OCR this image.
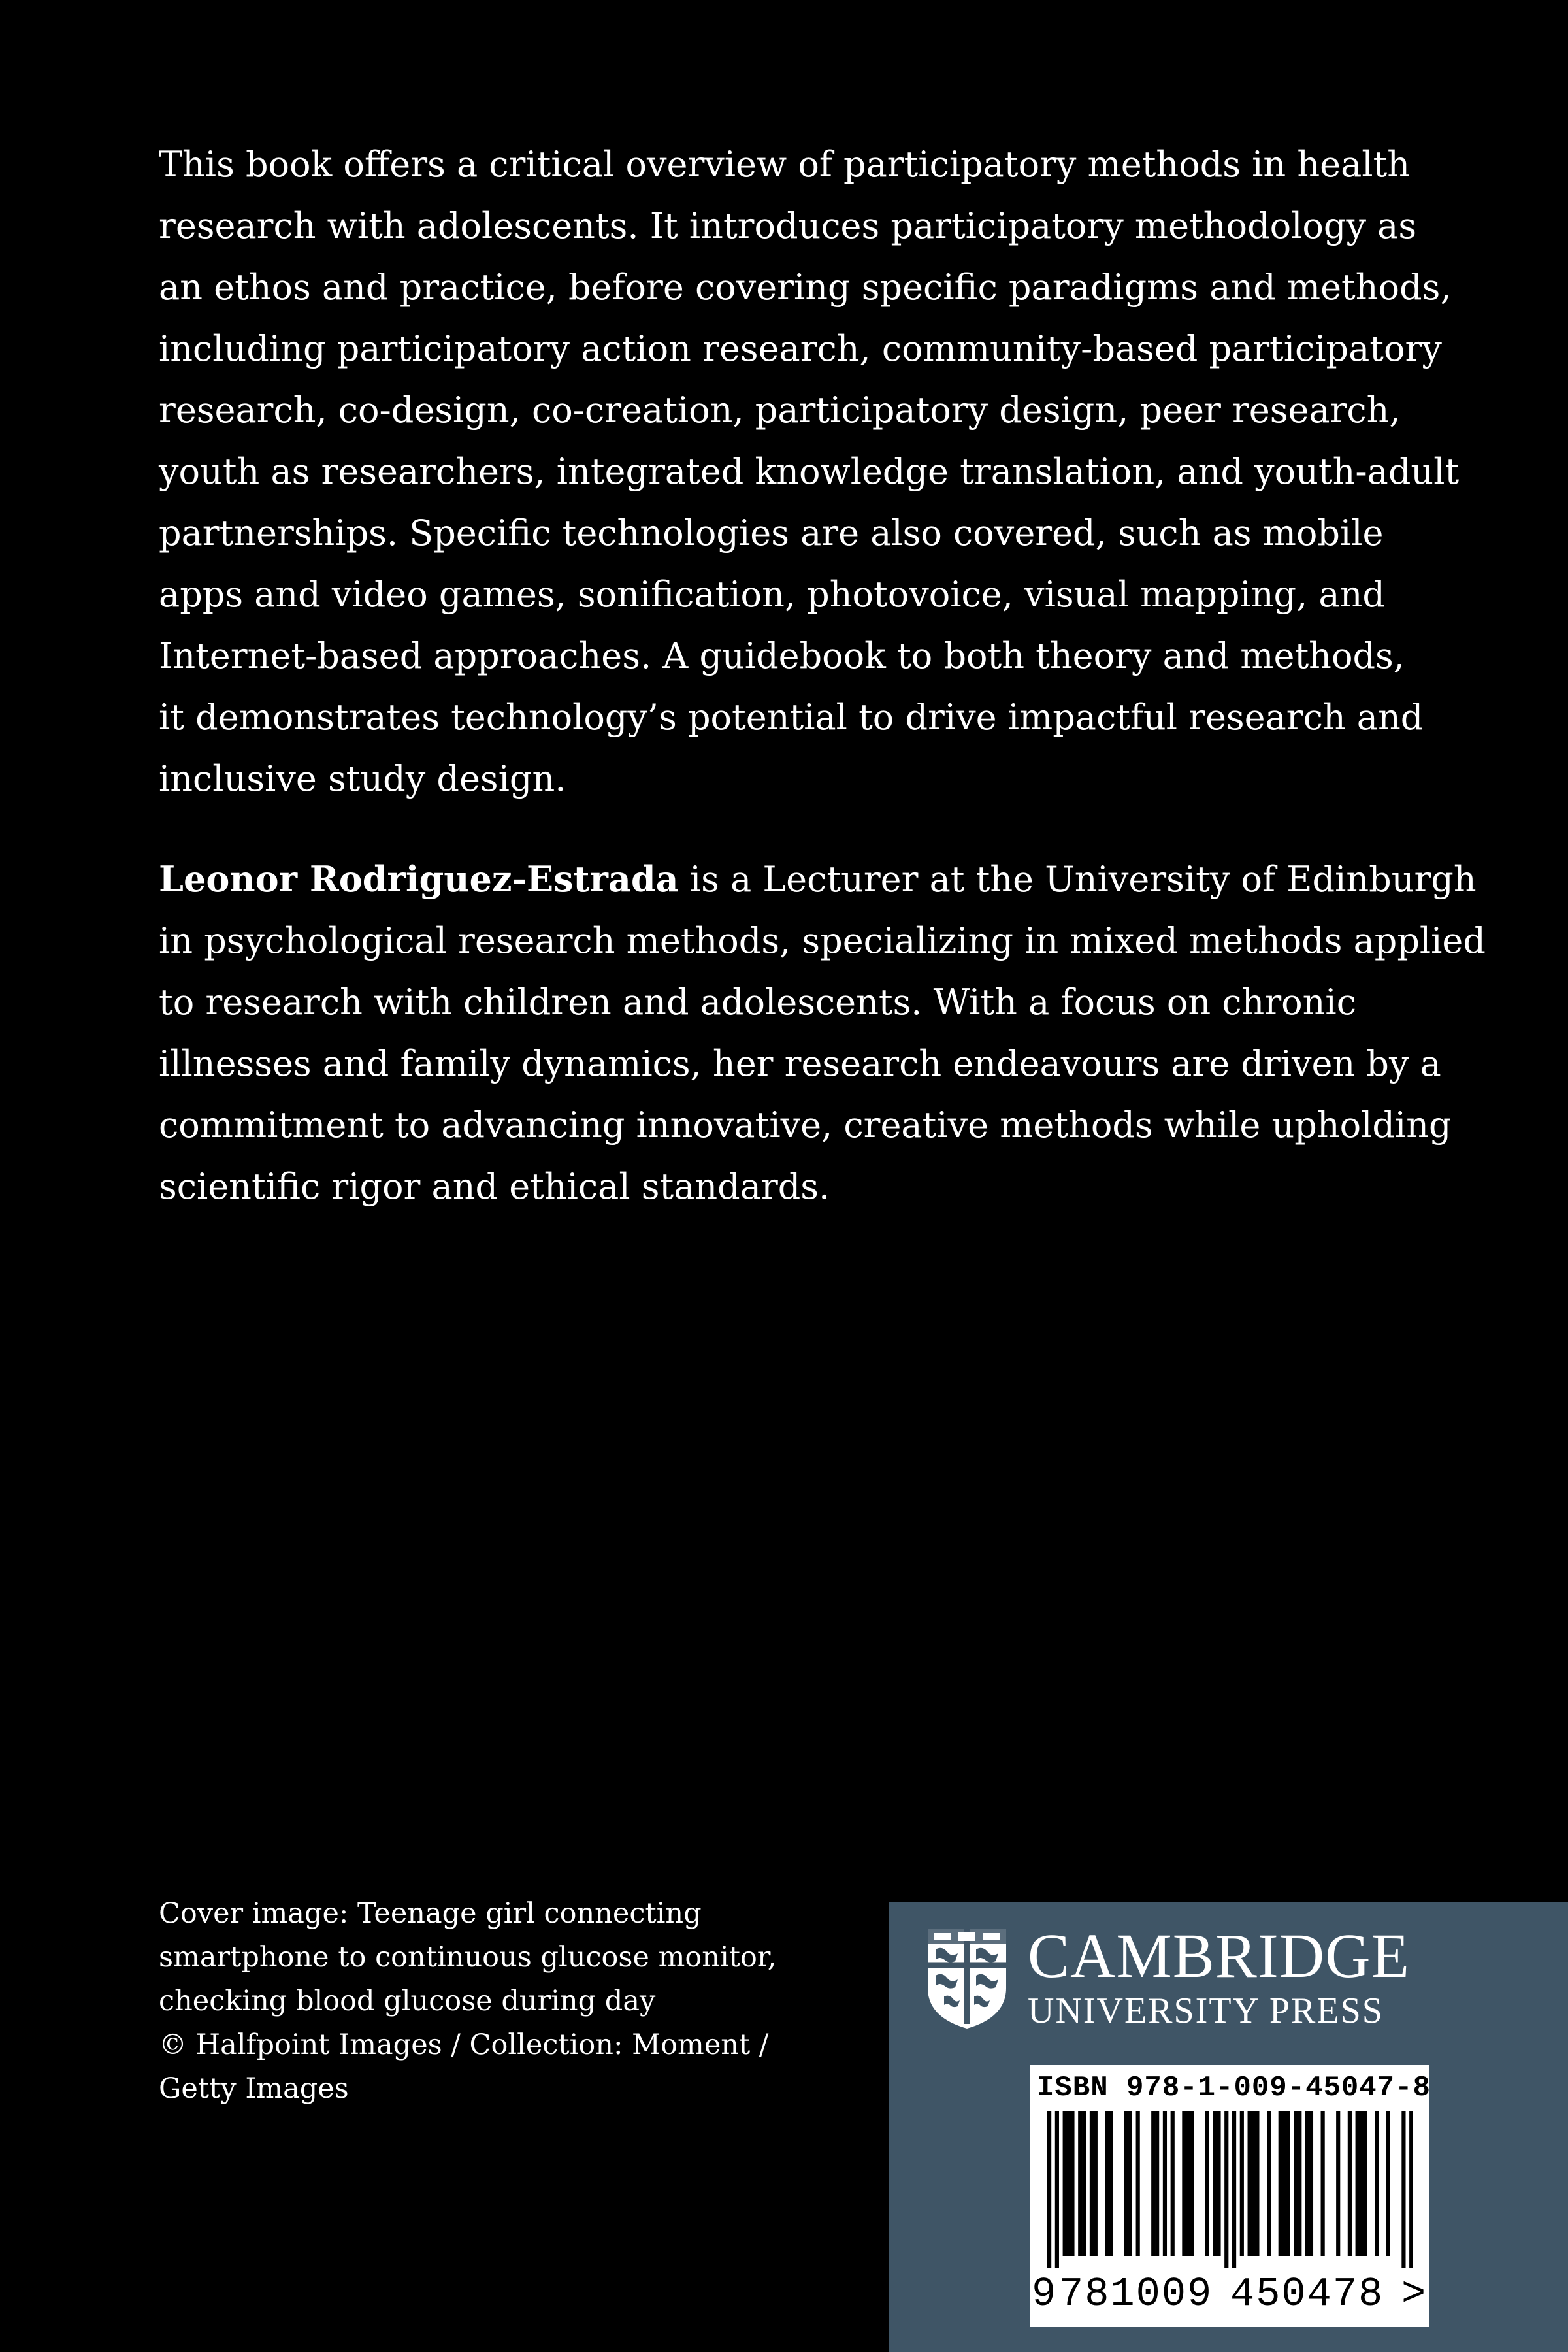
This book offers a critical overview of participatory methods in health
research with adolescents. It introduces participatory methodology as
an ethos and practice, before covering specific paradigms and methods,
including participatory action research, community-based participatory
research, co-design, co-creation, participatory design, peer research,
youth as researchers, integrated knowledge translation, and youth-adult
partnerships. Specific technologies are also covered, such as mobile
apps and video games, sonification, photovoice, visual mapping, and
Internet-based approaches. A guidebook to both theory and methods,
it demonstrates technology’s potential to drive impactful research and
inclusive study design.

Leonor Rodriguez-Estrada is a Lecturer at the University of Edinburgh
in psychological research methods, specializing in mixed methods applied
to research with children and adolescents. With a focus on chronic
illnesses and family dynamics, her research endeavours are driven by a
commitment to advancing innovative, creative methods while upholding
scientific rigor and ethical standards.

Cover image: Teenage girl connecting
smartphone to continuous glucose monitor,
checking blood glucose during day
© Halfpoint Images / Collection: Moment /
Getty Images
CAMBRIDGE
UNIVERSITY PRESS
ISBN 978-1-009-45047-8
9 781009 450478 >
